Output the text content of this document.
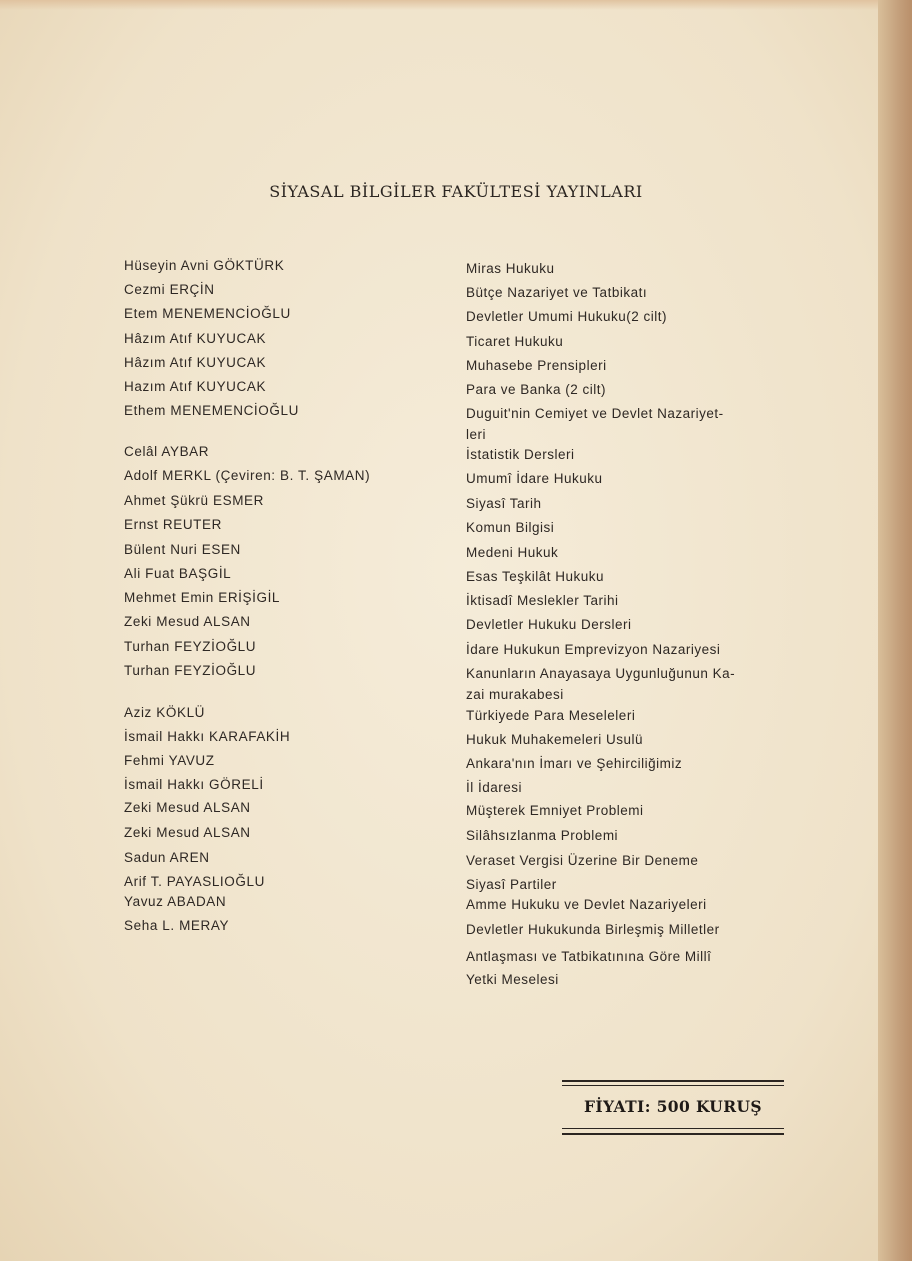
SİYASAL BİLGİLER FAKÜLTESİ YAYINLARI
Hüseyin Avni GÖKTÜRK	Miras Hukuku
Cezmi ERÇİN	Bütçe Nazariyet ve Tatbikatı
Etem MENEMENCİOĞLU	Devletler Umumi Hukuku(2 cilt)
Hâzım Atıf KUYUCAK	Ticaret Hukuku
Hâzım Atıf KUYUCAK	Muhasebe Prensipleri
Hazım Atıf KUYUCAK	Para ve Banka (2 cilt)
Ethem MENEMENCİOĞLU	Duguit'nin Cemiyet ve Devlet Nazariyet-
leri
Celâl AYBAR	İstatistik Dersleri
Adolf MERKL (Çeviren: B. T. ŞAMAN)	Umumî İdare Hukuku
Ahmet Şükrü ESMER	Siyasî Tarih
Ernst REUTER	Komun Bilgisi
Bülent Nuri ESEN	Medeni Hukuk
Ali Fuat BAŞGİL	Esas Teşkilât Hukuku
Mehmet Emin ERİŞİGİL	İktisadî Meslekler Tarihi
Zeki Mesud ALSAN	Devletler Hukuku Dersleri
Turhan FEYZİOĞLU	İdare Hukukun Emprevizyon Nazariyesi
Turhan FEYZİOĞLU	Kanunların Anayasaya Uygunluğunun Ka-
zai murakabesi
Aziz KÖKLÜ	Türkiyede Para Meseleleri
İsmail Hakkı KARAFAKİH	Hukuk Muhakemeleri Usulü
Fehmi YAVUZ	Ankara'nın İmarı ve Şehirciliğimiz
İsmail Hakkı GÖRELİ	İl İdaresi
Zeki Mesud ALSAN	Müşterek Emniyet Problemi
Zeki Mesud ALSAN	Silâhsızlanma Problemi
Sadun AREN	Veraset Vergisi Üzerine Bir Deneme
Arif T. PAYASLIOĞLU	Siyasî Partiler
Yavuz ABADAN	Amme Hukuku ve Devlet Nazariyeleri
Seha L. MERAY	Devletler Hukukunda Birleşmiş Milletler
Antlaşması ve Tatbikatınına Göre Millî
Yetki Meselesi
FİYATI: 500 KURUŞ
